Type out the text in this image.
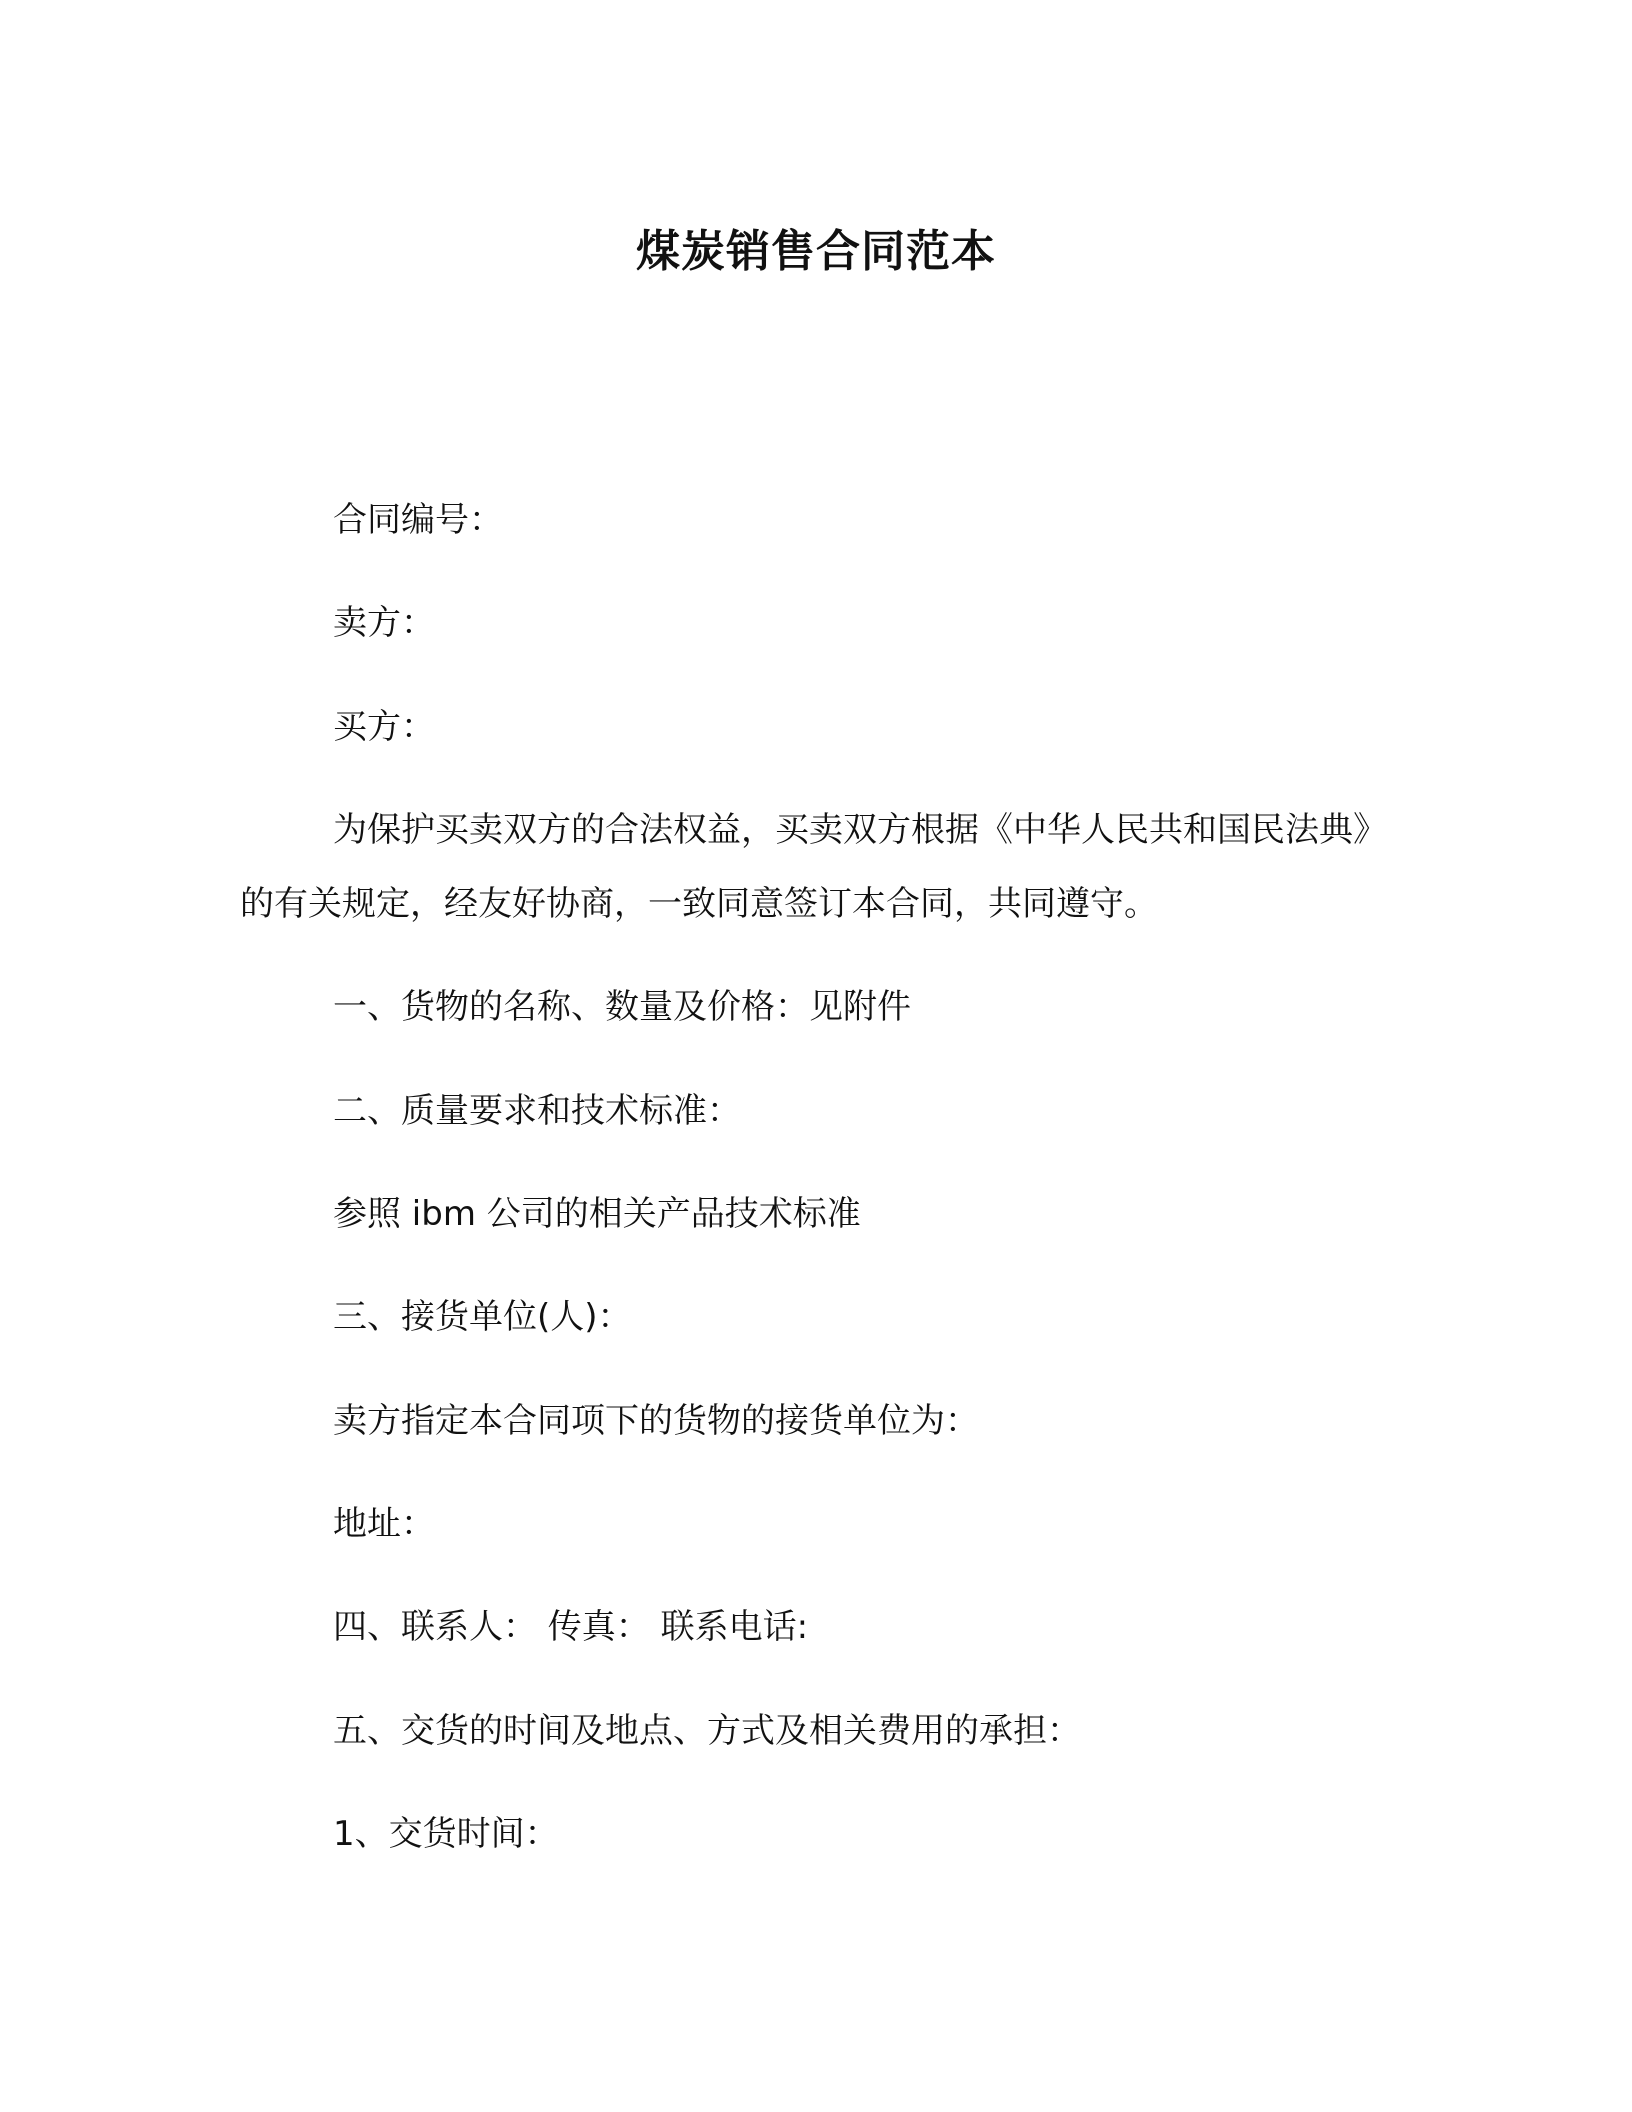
煤炭销售合同范本

合同编号：

卖方：

买方：

为保护买卖双方的合法权益，买卖双方根据《中华人民共和国民法典》的有关规定，经友好协商，一致同意签订本合同，共同遵守。

一、货物的名称、数量及价格：见附件

二、质量要求和技术标准：

参照 ibm 公司的相关产品技术标准

三、接货单位(人)：

卖方指定本合同项下的货物的接货单位为：

地址：

四、联系人： 传真： 联系电话:

五、交货的时间及地点、方式及相关费用的承担：

1、交货时间：
